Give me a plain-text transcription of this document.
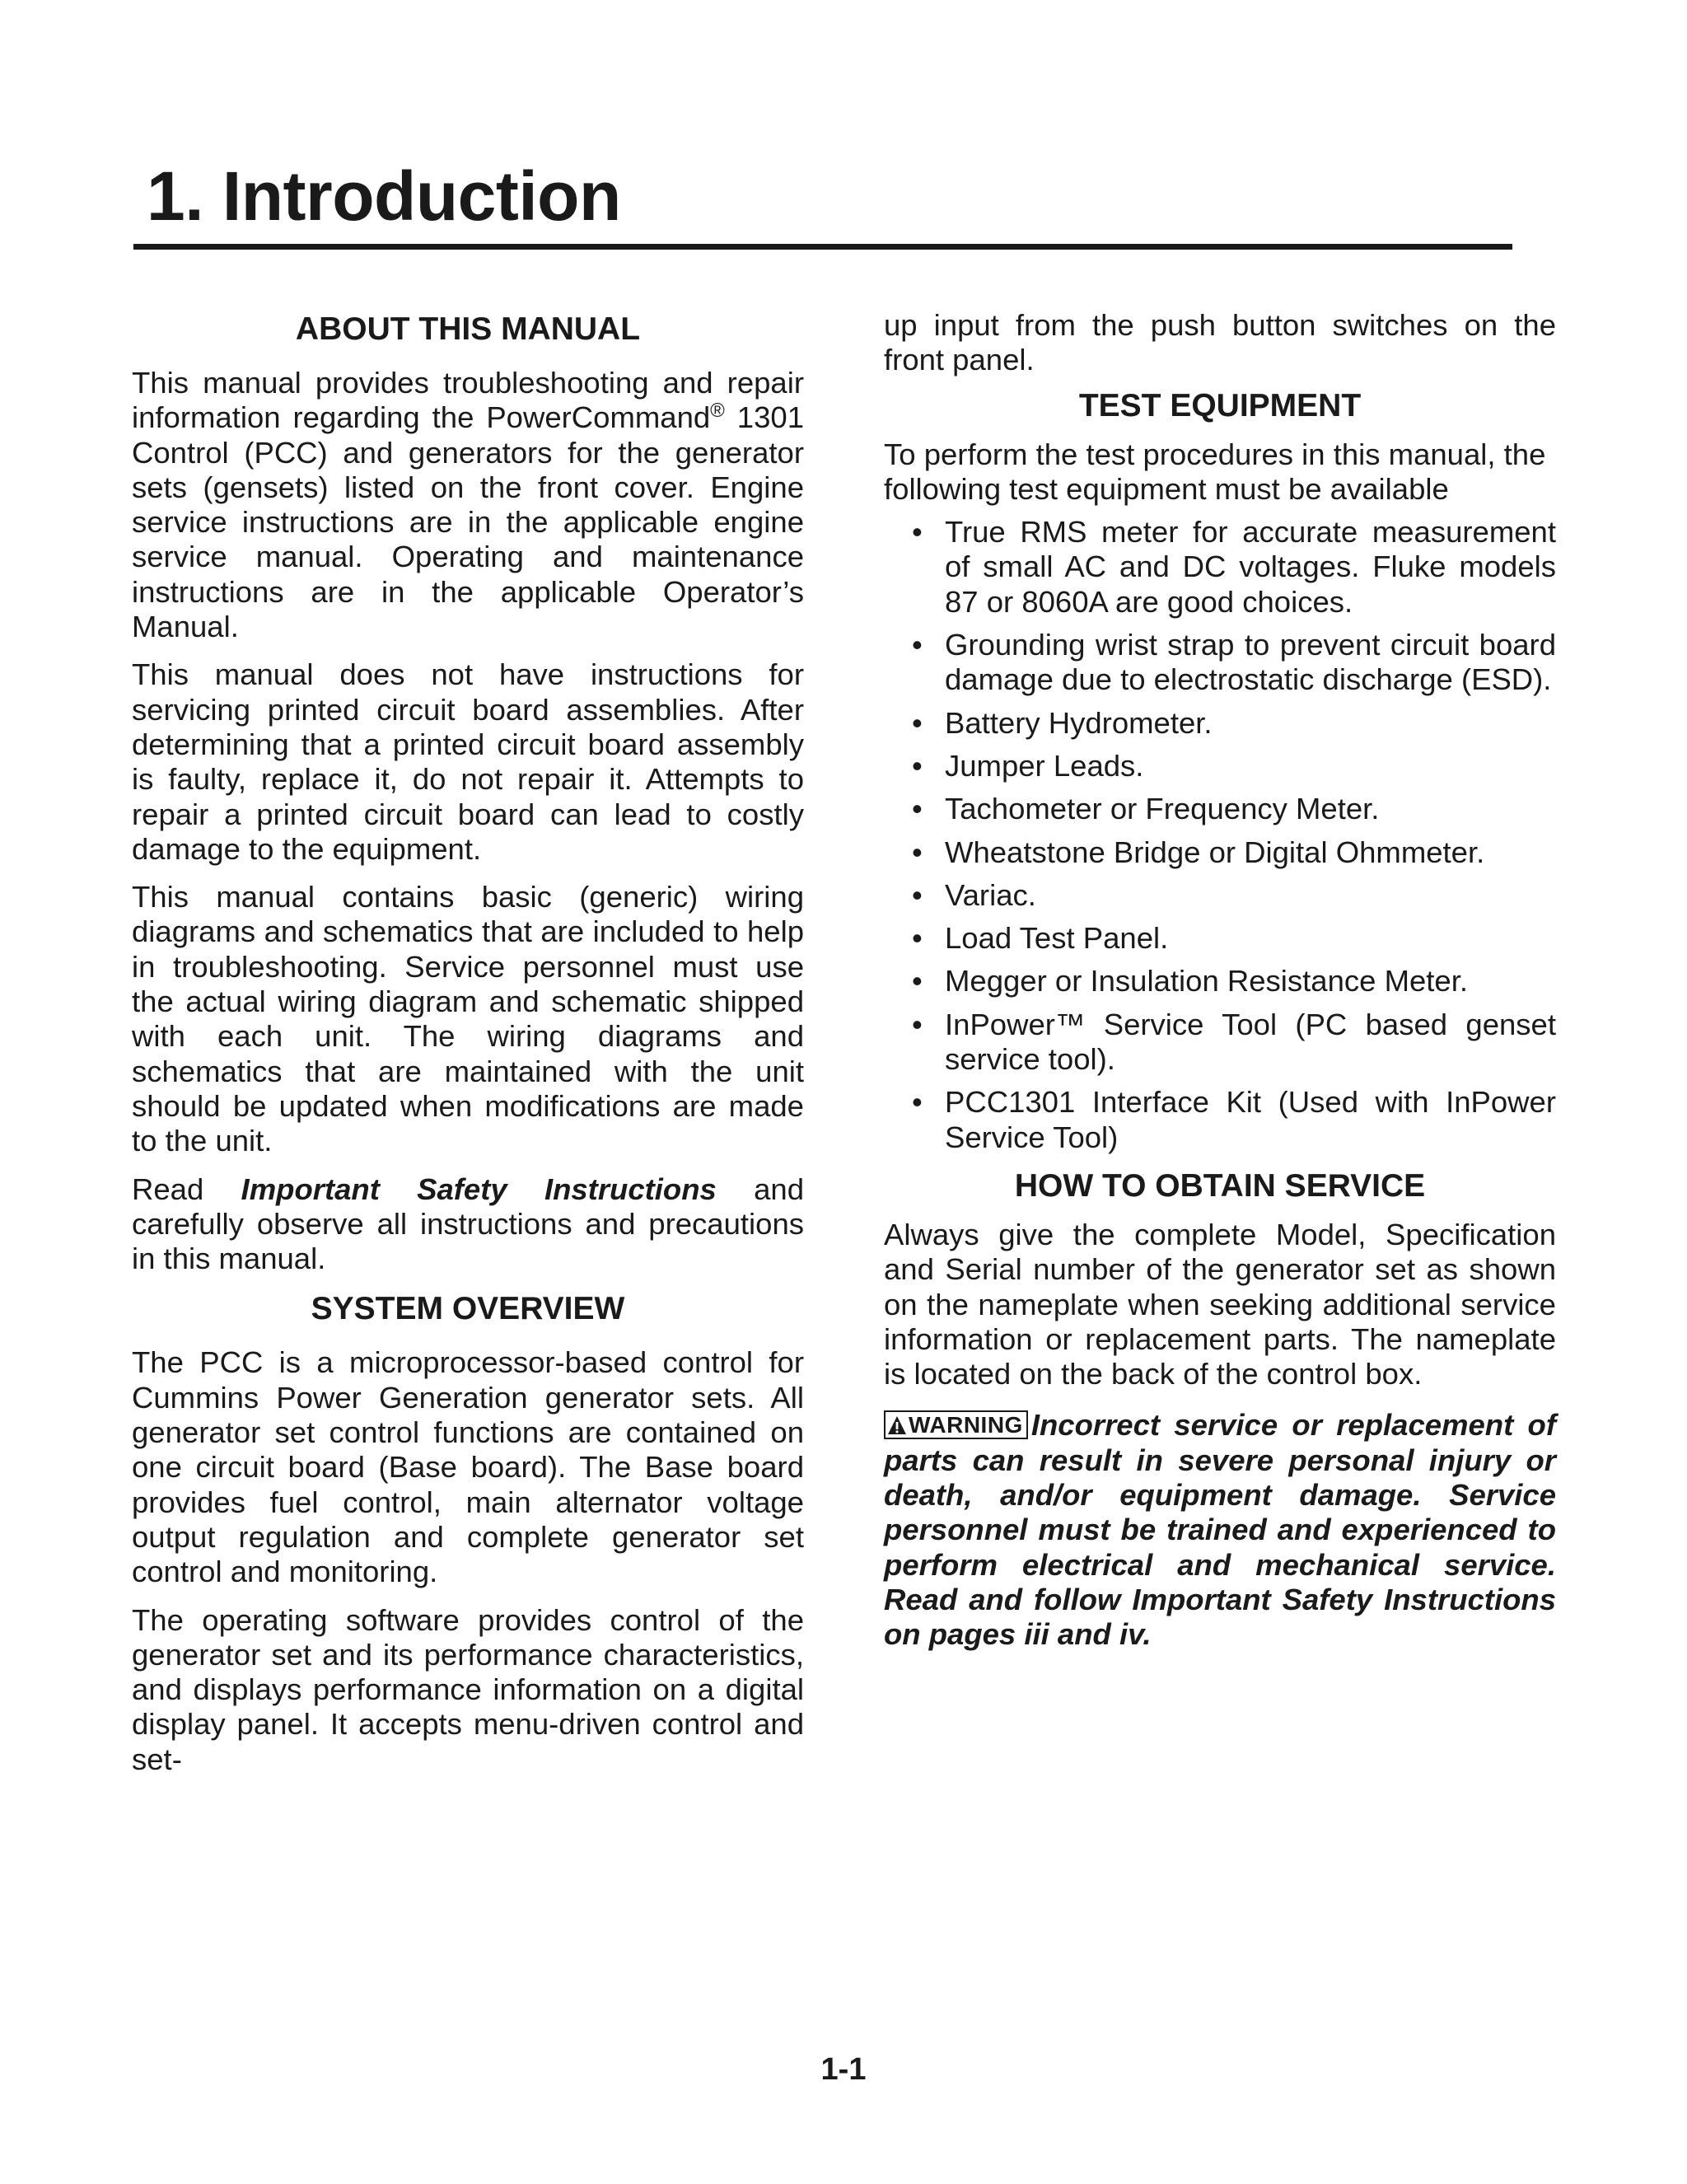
1. Introduction
ABOUT THIS MANUAL

This manual provides troubleshooting and repair information regarding the PowerCommand® 1301 Control (PCC) and generators for the generator sets (gensets) listed on the front cover. Engine service instructions are in the applicable engine service manual. Operating and maintenance instructions are in the applicable Operator’s Manual.

This manual does not have instructions for servicing printed circuit board assemblies. After determining that a printed circuit board assembly is faulty, replace it, do not repair it. Attempts to repair a printed circuit board can lead to costly damage to the equipment.

This manual contains basic (generic) wiring diagrams and schematics that are included to help in troubleshooting. Service personnel must use the actual wiring diagram and schematic shipped with each unit. The wiring diagrams and schematics that are maintained with the unit should be updated when modifications are made to the unit.

Read Important Safety Instructions and carefully observe all instructions and precautions in this manual.

SYSTEM OVERVIEW

The PCC is a microprocessor-based control for Cummins Power Generation generator sets. All generator set control functions are contained on one circuit board (Base board). The Base board provides fuel control, main alternator voltage output regulation and complete generator set control and monitoring.

The operating software provides control of the generator set and its performance characteristics, and displays performance information on a digital display panel. It accepts menu-driven control and set-

up input from the push button switches on the front panel.

TEST EQUIPMENT

To perform the test procedures in this manual, the following test equipment must be available

• True RMS meter for accurate measurement of small AC and DC voltages. Fluke models 87 or 8060A are good choices.
• Grounding wrist strap to prevent circuit board damage due to electrostatic discharge (ESD).
• Battery Hydrometer.
• Jumper Leads.
• Tachometer or Frequency Meter.
• Wheatstone Bridge or Digital Ohmmeter.
• Variac.
• Load Test Panel.
• Megger or Insulation Resistance Meter.
• InPower™ Service Tool (PC based genset service tool).
• PCC1301 Interface Kit (Used with InPower Service Tool)
HOW TO OBTAIN SERVICE

Always give the complete Model, Specification and Serial number of the generator set as shown on the nameplate when seeking additional service information or replacement parts. The nameplate is located on the back of the control box.

WARNING Incorrect service or replacement of parts can result in severe personal injury or death, and/or equipment damage. Service personnel must be trained and experienced to perform electrical and mechanical service. Read and follow Important Safety Instructions on pages iii and iv.

1-1
